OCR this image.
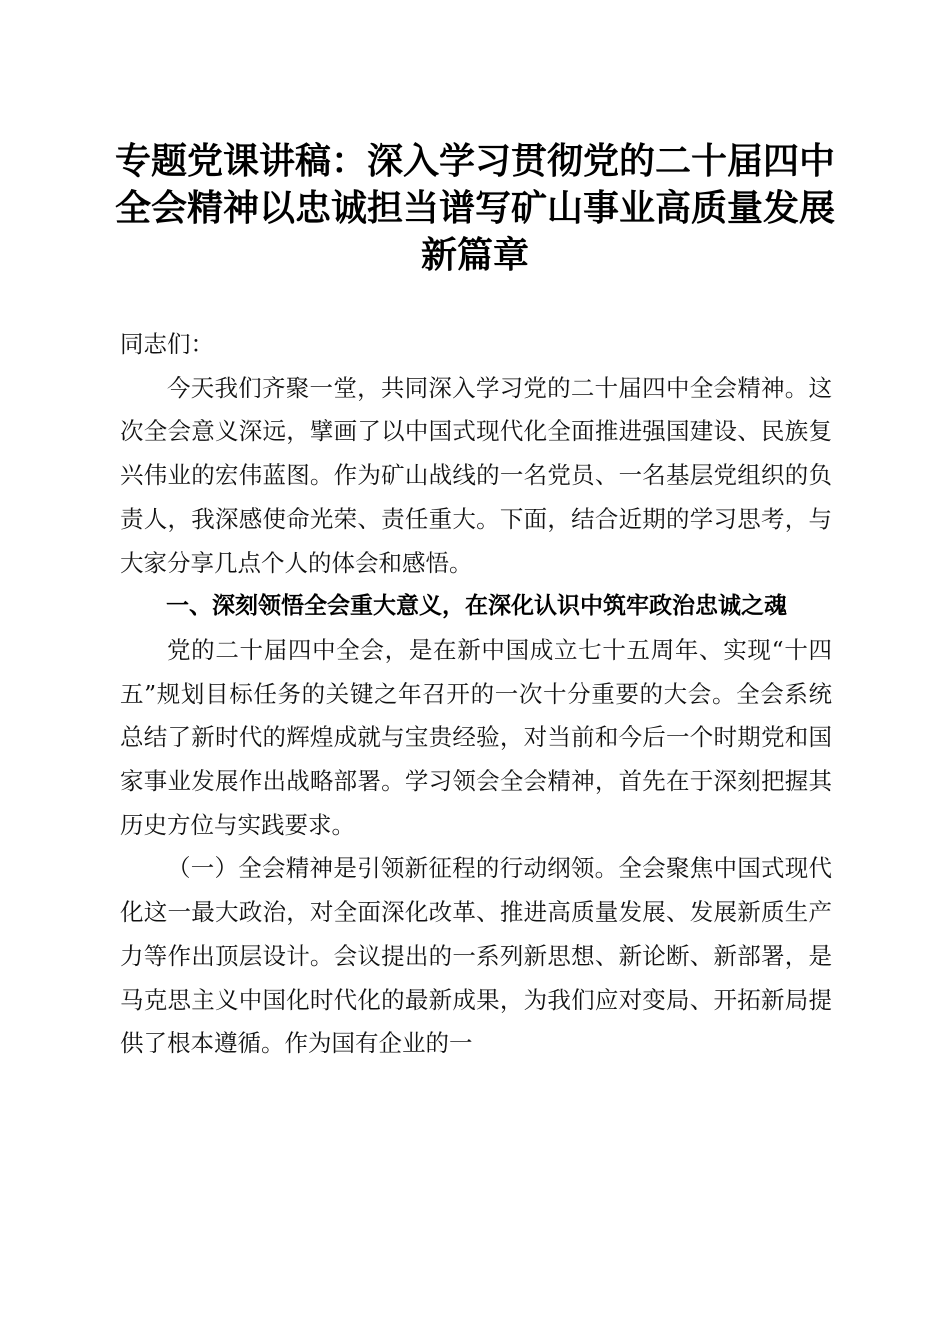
专题党课讲稿：深入学习贯彻党的二十届四中全会精神以忠诚担当谱写矿山事业高质量发展新篇章

同志们：

今天我们齐聚一堂，共同深入学习党的二十届四中全会精神。这次全会意义深远，擘画了以中国式现代化全面推进强国建设、民族复兴伟业的宏伟蓝图。作为矿山战线的一名党员、一名基层党组织的负责人，我深感使命光荣、责任重大。下面，结合近期的学习思考，与大家分享几点个人的体会和感悟。

一、深刻领悟全会重大意义，在深化认识中筑牢政治忠诚之魂

党的二十届四中全会，是在新中国成立七十五周年、实现“十四五”规划目标任务的关键之年召开的一次十分重要的大会。全会系统总结了新时代的辉煌成就与宝贵经验，对当前和今后一个时期党和国家事业发展作出战略部署。学习领会全会精神，首先在于深刻把握其历史方位与实践要求。

（一）全会精神是引领新征程的行动纲领。全会聚焦中国式现代化这一最大政治，对全面深化改革、推进高质量发展、发展新质生产力等作出顶层设计。会议提出的一系列新思想、新论断、新部署，是马克思主义中国化时代化的最新成果，为我们应对变局、开拓新局提供了根本遵循。作为国有企业的一
